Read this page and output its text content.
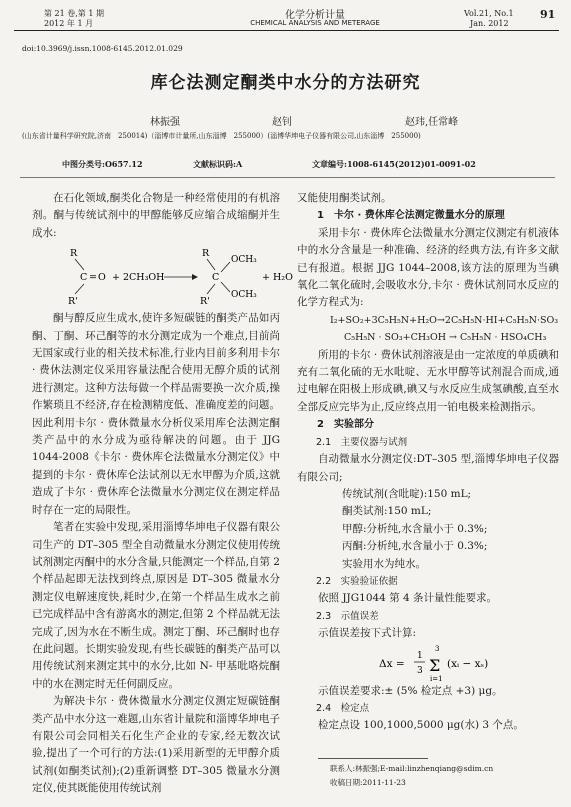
第 21 卷,第 1 期
2012 年 1 月
化学分析计量
CHEMICAL ANALYSIS AND METERAGE
Vol.21, No.1
Jan. 2012
91
doi:10.3969/j.issn.1008-6145.2012.01.029
库仑法测定酮类中水分的方法研究
林振强	赵钊	赵玮,任常峰
(山东省计量科学研究院,济南　250014)（淄博市计量所,山东淄博　255000）(淄博华坤电子仪器有限公司,山东淄博　255000)
中图分类号:O657.12	文献标识码:A	文章编号:1008-6145(2012)01-0091-02

在石化领域,酮类化合物是一种经常使用的有机溶剂。酮与传统试剂中的甲醇能够反应缩合成缩酮并生成水:

R
C = O
R'
+ 2CH₃OH
R
C
R'
OCH₃
OCH₃
+ H₂O

酮与醇反应生成水,使许多短碳链的酮类产品如丙酮、丁酮、环己酮等的水分测定成为一个难点,目前尚无国家或行业的相关技术标准,行业内目前多利用卡尔 · 费休法测定仪采用容量法配合使用无醇介质的试剂进行测定。这种方法每做一个样品需要换一次介质,操作繁琐且不经济,存在检测精度低、准确度差的问题。因此利用卡尔 · 费休微量水分析仪采用库仑法测定酮类产品中的水分成为亟待解决的问题。由于 JJG 1044-2008《卡尔 · 费休库仑法微量水分测定仪》中提到的卡尔 · 费休库仑法试剂以无水甲醇为介质,这就造成了卡尔 · 费休库仑法微量水分测定仪在测定样品时存在一定的局限性。

笔者在实验中发现,采用淄博华坤电子仪器有限公司生产的 DT–305 型全自动微量水分测定仪使用传统试剂测定丙酮中的水分含量,只能测定一个样品,自第 2 个样品起即无法找到终点,原因是 DT–305 微量水分测定仪电解速度快,耗时少,在第一个样品生成水之前已完成样品中含有游离水的测定,但第 2 个样品就无法完成了,因为水在不断生成。测定丁酮、环己酮时也存在此问题。长期实验发现,有些长碳链的酮类产品可以用传统试剂来测定其中的水分,比如 N- 甲基吡咯烷酮中的水在测定时无任何副反应。

为解决卡尔 · 费休微量水分测定仪测定短碳链酮类产品中水分这一难题,山东省计量院和淄博华坤电子有限公司会同相关石化生产企业的专家,经无数次试验,提出了一个可行的方法:(1)采用新型的无甲醇介质试剂(如酮类试剂);(2)重新调整 DT–305 微量水分测定仪,使其既能使用传统试剂

又能使用酮类试剂。

1　卡尔 · 费休库仑法测定微量水分的原理

采用卡尔 · 费休库仑法微量水分测定仪测定有机液体中的水分含量是一种准确、经济的经典方法,有许多文献已有报道。根据 JJG 1044–2008,该方法的原理为当碘氧化二氧化硫时,会吸收水分,卡尔 · 费休试剂同水反应的化学方程式为:

I₂+SO₂+3C₅H₅N+H₂O→2C₅H₅N·HI+C₅H₅N·SO₃

C₅H₅N · SO₃+CH₃OH → C₅H₅N · HSO₄CH₃

所用的卡尔 · 费休试剂溶液是由一定浓度的单质碘和充有二氧化硫的无水吡啶、无水甲醇等试剂混合而成,通过电解在阳极上形成碘,碘又与水反应生成氢碘酸,直至水全部反应完毕为止,反应终点用一铂电极来检测指示。

2　实验部分

2.1　主要仪器与试剂

自动微量水分测定仪:DT–305 型,淄博华坤电子仪器有限公司;

传统试剂(含吡啶):150 mL;

酮类试剂:150 mL;

甲醇:分析纯,水含量小于 0.3%;

丙酮:分析纯,水含量小于 0.3%;

实验用水为纯水。

2.2　实验验证依据

依照 JJG1044 第 4 条计量性能要求。

2.3　示值误差

示值误差按下式计算:

Δx =
1
3
3
Σ
i=1
(xᵢ − xₛ)

示值误差要求:± (5% 检定点 +3) μg。

2.4　检定点

检定点设 100,1000,5000 μg(水) 3 个点。

联系人:林振强;E-mail:linzhenqiang@sdim.cn
收稿日期:2011-11-23
